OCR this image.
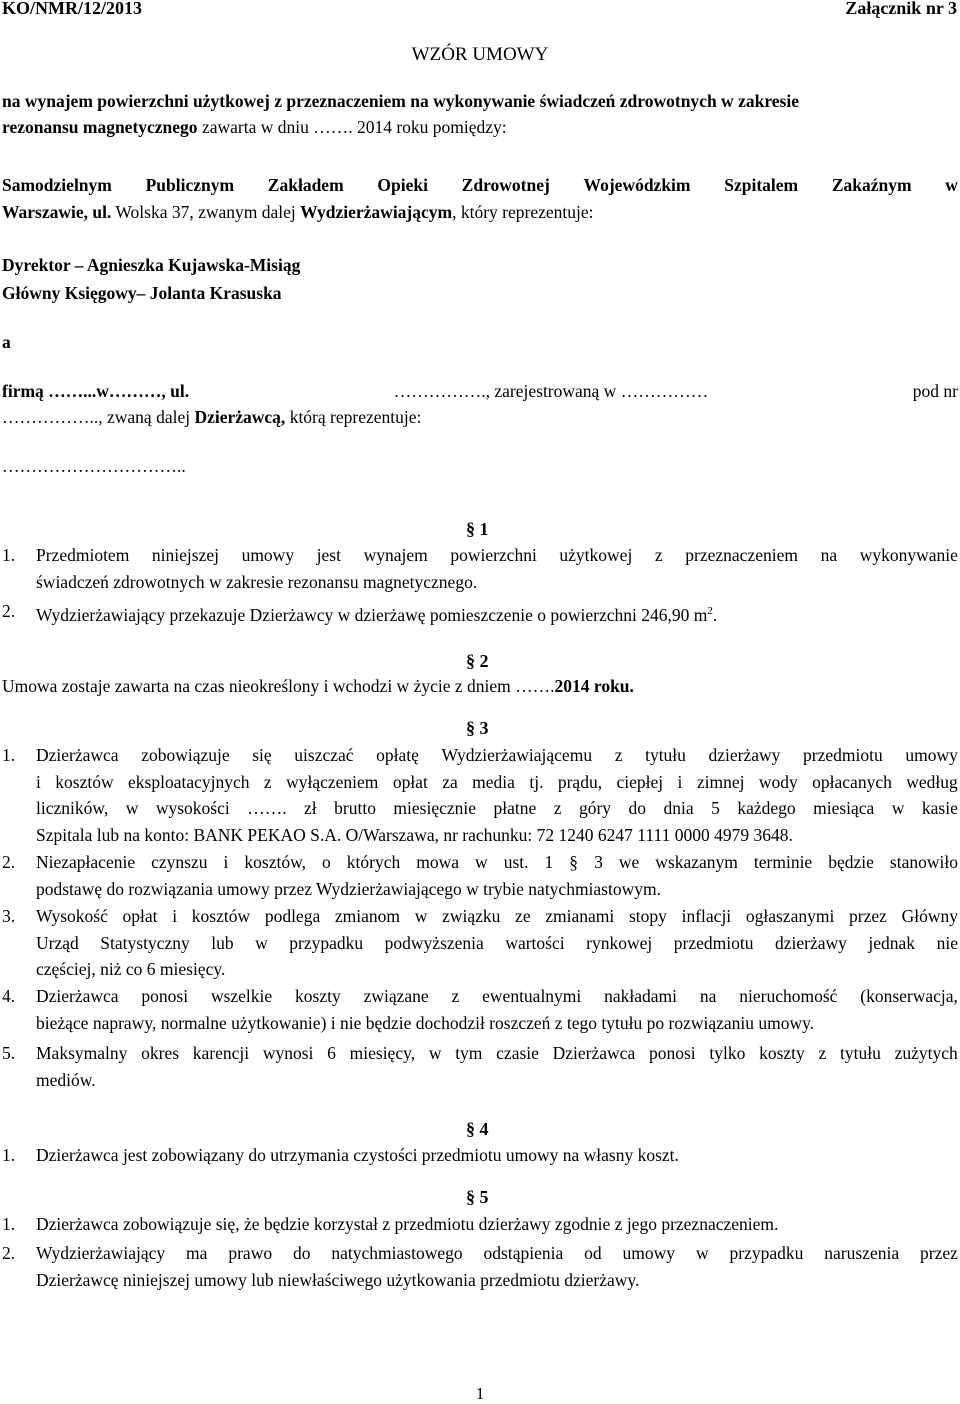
KO/NMR/12/2013	Załącznik nr 3
WZÓR UMOWY
na wynajem powierzchni użytkowej z przeznaczeniem na wykonywanie świadczeń zdrowotnych w zakresie
rezonansu magnetycznego zawarta w dniu ……. 2014 roku pomiędzy:
Samodzielnym Publicznym Zakładem Opieki Zdrowotnej Wojewódzkim Szpitalem Zakaźnym w
Warszawie, ul. Wolska 37, zwanym dalej Wydzierżawiającym, który reprezentuje:
Dyrektor – Agnieszka Kujawska-Misiąg
Główny Księgowy– Jolanta Krasuska
a
firmą ……...w………, ul.	……………., zarejestrowaną w ……………	pod nr
…………….., zwaną dalej Dzierżawcą, którą reprezentuje:
…………………………..
§ 1
1. Przedmiotem niniejszej umowy jest wynajem powierzchni użytkowej z przeznaczeniem na wykonywanie
świadczeń zdrowotnych w zakresie rezonansu magnetycznego.
2. Wydzierżawiający przekazuje Dzierżawcy w dzierżawę pomieszczenie o powierzchni 246,90 $m^2$.
§ 2
Umowa zostaje zawarta na czas nieokreślony i wchodzi w życie z dniem …….2014 roku.
§ 3
1. Dzierżawca zobowiązuje się uiszczać opłatę Wydzierżawiającemu z tytułu dzierżawy przedmiotu umowy
i kosztów eksploatacyjnych z wyłączeniem opłat za media tj. prądu, ciepłej i zimnej wody opłacanych według
liczników, w wysokości ……. zł brutto miesięcznie płatne z góry do dnia 5 każdego miesiąca w kasie
Szpitala lub na konto: BANK PEKAO S.A. O/Warszawa, nr rachunku: 72 1240 6247 1111 0000 4979 3648.
2. Niezapłacenie czynszu i kosztów, o których mowa w ust. 1 § 3 we wskazanym terminie będzie stanowiło
podstawę do rozwiązania umowy przez Wydzierżawiającego w trybie natychmiastowym.
3. Wysokość opłat i kosztów podlega zmianom w związku ze zmianami stopy inflacji ogłaszanymi przez Główny
Urząd Statystyczny lub w przypadku podwyższenia wartości rynkowej przedmiotu dzierżawy jednak nie
częściej, niż co 6 miesięcy.
4. Dzierżawca ponosi wszelkie koszty związane z ewentualnymi nakładami na nieruchomość (konserwacja,
bieżące naprawy, normalne użytkowanie) i nie będzie dochodził roszczeń z tego tytułu po rozwiązaniu umowy.
5. Maksymalny okres karencji wynosi 6 miesięcy, w tym czasie Dzierżawca ponosi tylko koszty z tytułu zużytych
mediów.
§ 4
1. Dzierżawca jest zobowiązany do utrzymania czystości przedmiotu umowy na własny koszt.
§ 5
1. Dzierżawca zobowiązuje się, że będzie korzystał z przedmiotu dzierżawy zgodnie z jego przeznaczeniem.
2. Wydzierżawiający ma prawo do natychmiastowego odstąpienia od umowy w przypadku naruszenia przez
Dzierżawcę niniejszej umowy lub niewłaściwego użytkowania przedmiotu dzierżawy.
1
